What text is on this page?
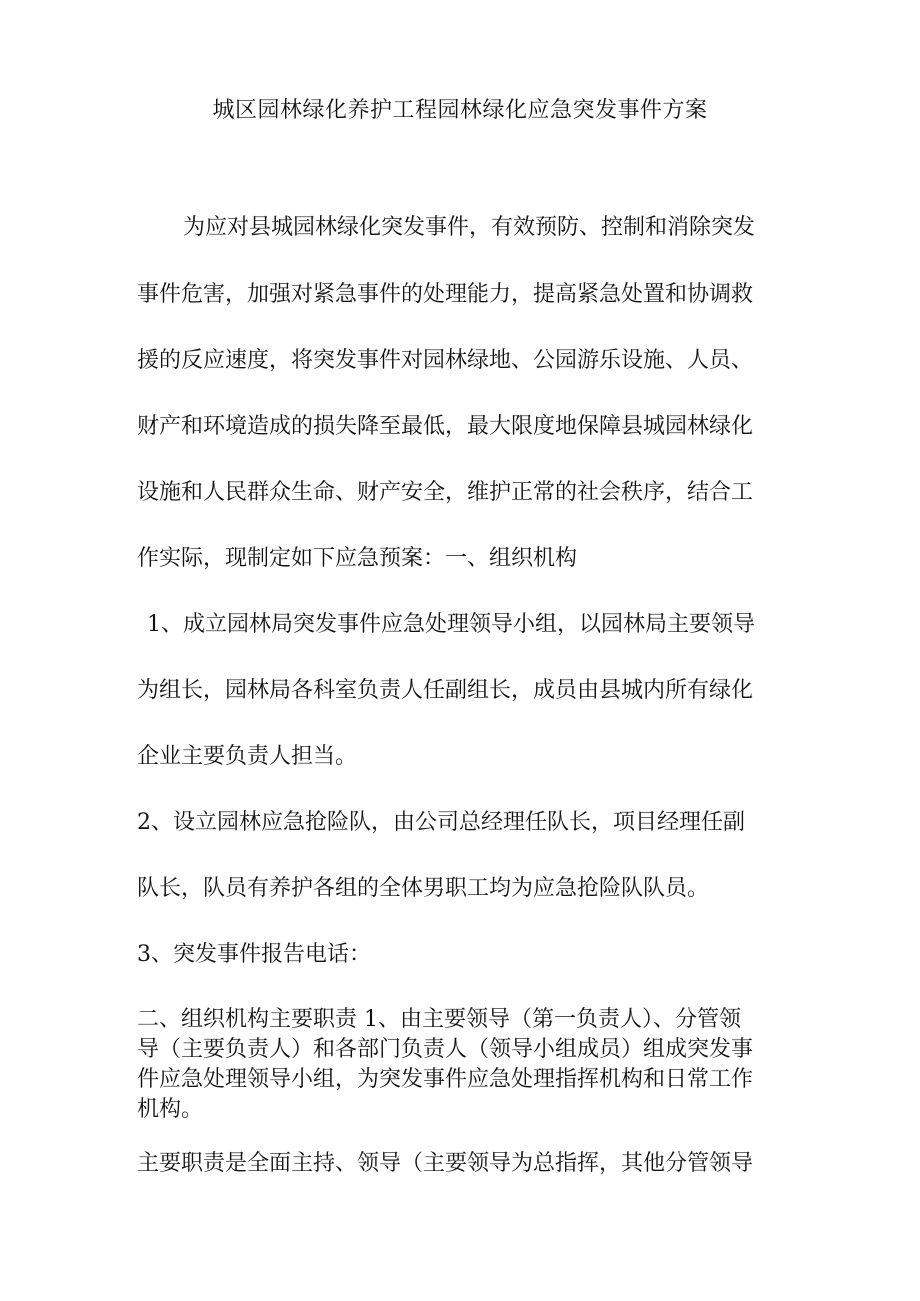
城区园林绿化养护工程园林绿化应急突发事件方案
为应对县城园林绿化突发事件，有效预防、控制和消除突发
事件危害，加强对紧急事件的处理能力，提高紧急处置和协调救
援的反应速度，将突发事件对园林绿地、公园游乐设施、人员、
财产和环境造成的损失降至最低，最大限度地保障县城园林绿化
设施和人民群众生命、财产安全，维护正常的社会秩序，结合工
作实际，现制定如下应急预案：一、组织机构
1、成立园林局突发事件应急处理领导小组，以园林局主要领导
为组长，园林局各科室负责人任副组长，成员由县城内所有绿化
企业主要负责人担当。
2、设立园林应急抢险队，由公司总经理任队长，项目经理任副
队长，队员有养护各组的全体男职工均为应急抢险队队员。
3、突发事件报告电话：
二、组织机构主要职责 1、由主要领导（第一负责人）、分管领
导（主要负责人）和各部门负责人（领导小组成员）组成突发事
件应急处理领导小组，为突发事件应急处理指挥机构和日常工作
机构。
主要职责是全面主持、领导（主要领导为总指挥，其他分管领导
